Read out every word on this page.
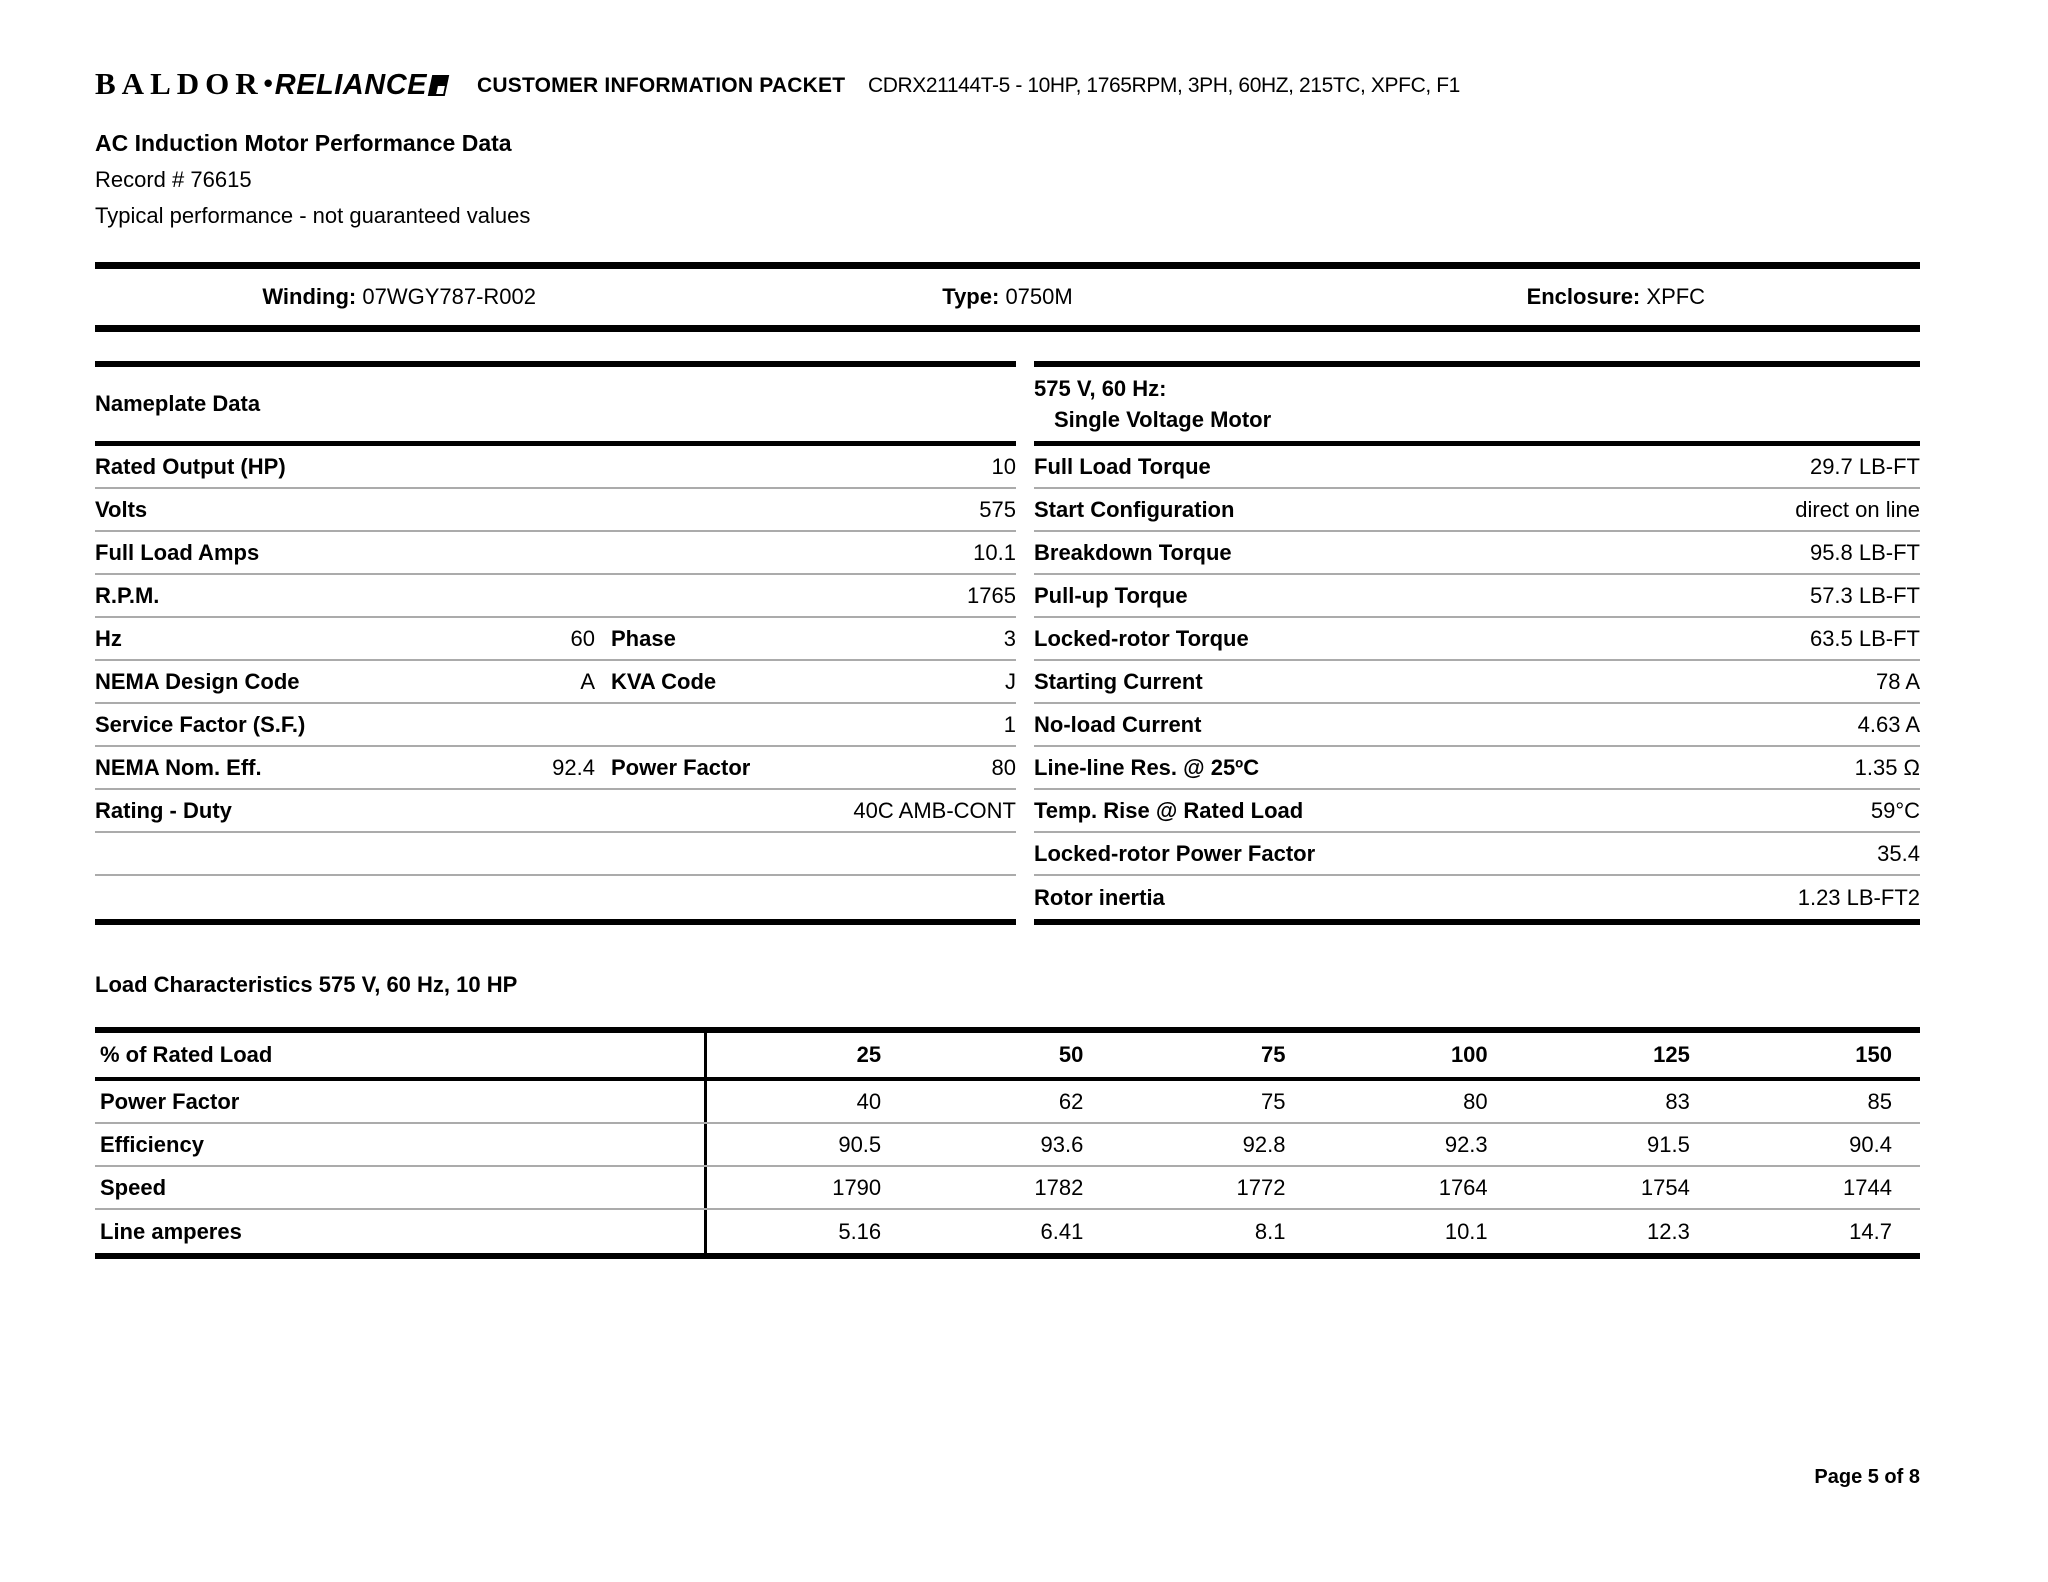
BALDOR•RELIANCE	CUSTOMER INFORMATION PACKET CDRX21144T-5 - 10HP, 1765RPM, 3PH, 60HZ, 215TC, XPFC, F1
AC Induction Motor Performance Data
Record # 76615
Typical performance - not guaranteed values
Winding: 07WGY787-R002	Type: 0750M	Enclosure: XPFC
Nameplate Data
Rated Output (HP)	10
Volts	575
Full Load Amps	10.1
R.P.M.	1765
Hz	60 Phase	3
NEMA Design Code	A KVA Code	J
Service Factor (S.F.)	1
NEMA Nom. Eff.	92.4 Power Factor	80
Rating - Duty	40C AMB-CONT
575 V, 60 Hz:
Single Voltage Motor
Full Load Torque	29.7 LB-FT
Start Configuration	direct on line
Breakdown Torque	95.8 LB-FT
Pull-up Torque	57.3 LB-FT
Locked-rotor Torque	63.5 LB-FT
Starting Current	78 A
No-load Current	4.63 A
Line-line Res. @ 25ºC	1.35 Ω
Temp. Rise @ Rated Load	59°C
Locked-rotor Power Factor	35.4
Rotor inertia	1.23 LB-FT2
Load Characteristics 575 V, 60 Hz, 10 HP
% of Rated Load	25	50	75	100	125	150
Power Factor	40	62	75	80	83	85
Efficiency	90.5	93.6	92.8	92.3	91.5	90.4
Speed	1790	1782	1772	1764	1754	1744
Line amperes	5.16	6.41	8.1	10.1	12.3	14.7
Page 5 of 8
